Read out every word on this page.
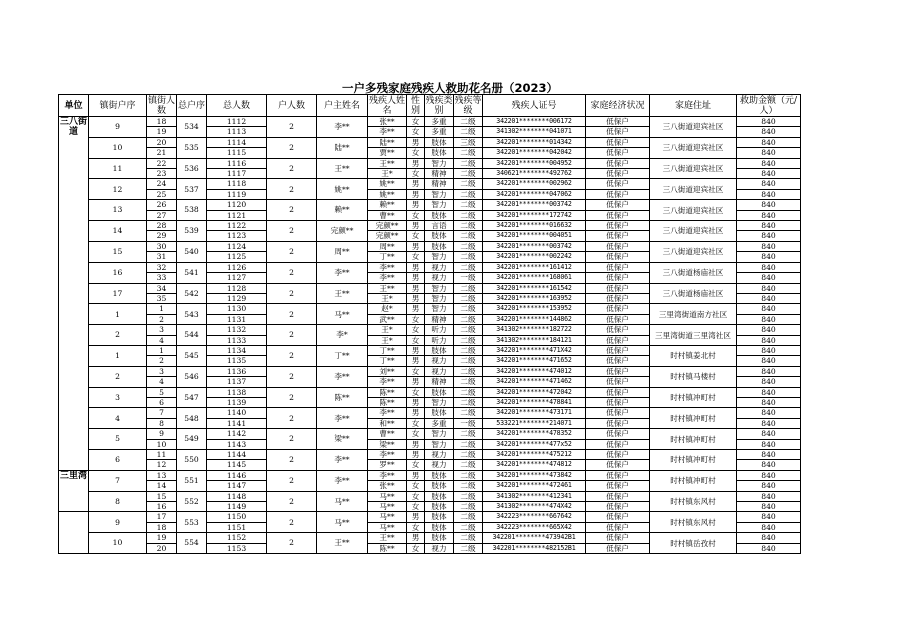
一户多残家庭残疾人救助花名册（2023）
单位	镇街户序	镇街人数	总户序	总人数	户人数	户主姓名	残疾人姓名	性别	残疾类别	残疾等级	残疾人证号	家庭经济状况	家庭住址	救助金额（元/人）
三八街道	9	18	534	1112	2	李**	张**	女	多重	二级	342201********006172	低保户	三八街道迎宾社区	840
		19		1113			李**	女	多重	二级	341302********041071	低保户		840
	10	20	535	1114	2	陆**	陆**	男	肢体	三级	342201********014342	低保户	三八街道迎宾社区	840
		21		1115			贾**	女	肢体	二级	342201********042042	低保户		840
	11	22	536	1116	2	王**	王**	男	智力	二级	342201********004952	低保户	三八街道迎宾社区	840
		23		1117			王*	女	精神	二级	340621********492762	低保户		840
	12	24	537	1118	2	姚**	姚**	男	精神	二级	342201********002962	低保户	三八街道迎宾社区	840
		25		1119			姚**	男	智力	二级	342201********047062	低保户		840
	13	26	538	1120	2	赖**	赖**	男	智力	二级	342201********003742	低保户	三八街道迎宾社区	840
		27		1121			曹**	女	肢体	二级	342201********172742	低保户		840
	14	28	539	1122	2	完颜**	完颜**	男	言语	二级	342201********016632	低保户	三八街道迎宾社区	840
		29		1123			完颜**	女	肢体	二级	342201********004051	低保户		840
	15	30	540	1124	2	周**	周**	男	肢体	二级	342201********003742	低保户	三八街道迎宾社区	840
		31		1125			丁**	女	智力	二级	342201********002242	低保户		840
	16	32	541	1126	2	李**	李**	男	视力	二级	342201********161412	低保户	三八街道杨庙社区	840
		33		1127			李**	男	视力	一级	342201********168061	低保户		840
	17	34	542	1128	2	王**	王**	男	智力	二级	342201********161542	低保户	三八街道杨庙社区	840
		35		1129			王*	男	智力	二级	342201********163952	低保户		840
	1	1	543	1130	2	马**	赵*	男	智力	二级	342201********153952	低保户	三里湾街道南方社区	840
		2		1131			武**	女	精神	二级	342201********144862	低保户		840
	2	3	544	1132	2	李*	王*	女	听力	二级	341302********182722	低保户	三里湾街道三里湾社区	840
		4		1133			王*	女	听力	二级	341302********184121	低保户		840
	1	1	545	1134	2	丁**	丁**	男	肢体	二级	342201********471X42	低保户	时村镇姜北村	840
		2		1135			丁**	男	视力	二级	342201********471652	低保户		840
	2	3	546	1136	2	李**	刘**	女	视力	二级	342201********474012	低保户	时村镇马楼村	840
		4		1137			李**	男	精神	二级	342201********471462	低保户		840
	3	5	547	1138	2	陈**	陈**	女	肢体	二级	342201********472042	低保户	时村镇冲町村	840
		6		1139			陈**	男	智力	二级	342201********478841	低保户		840
	4	7	548	1140	2	李**	李**	男	肢体	二级	342201********473171	低保户	时村镇冲町村	840
		8		1141			和**	女	多重	一级	533221********214071	低保户		840
	5	9	549	1142	2	梁**	曹**	女	智力	二级	342201********478352	低保户	时村镇冲町村	840
		10		1143			梁**	男	智力	二级	342201********477x52	低保户		840
	6	11	550	1144	2	李**	李**	男	视力	二级	342201********475212	低保户	时村镇冲町村	840
		12		1145			罗**	女	视力	二级	342201********474812	低保户		840
三里湾	7	13	551	1146	2	李**	李**	男	肢体	二级	342201********473842	低保户	时村镇冲町村	840
		14		1147			张**	女	肢体	二级	342201********472461	低保户		840
	8	15	552	1148	2	马**	马**	女	肢体	二级	341302********412341	低保户	时村镇东风村	840
		16		1149			马**	女	肢体	二级	341302********474X42	低保户		840
	9	17	553	1150	2	马**	马**	男	肢体	二级	342223********667642	低保户	时村镇东风村	840
		18		1151			马**	女	肢体	二级	342223********665X42	低保户		840
	10	19	554	1152	2	王**	王**	男	肢体	二级	342201********473942B1	低保户	时村镇岳孜村	840
		20		1153			陈**	女	视力	二级	342201********482152B1	低保户		840
